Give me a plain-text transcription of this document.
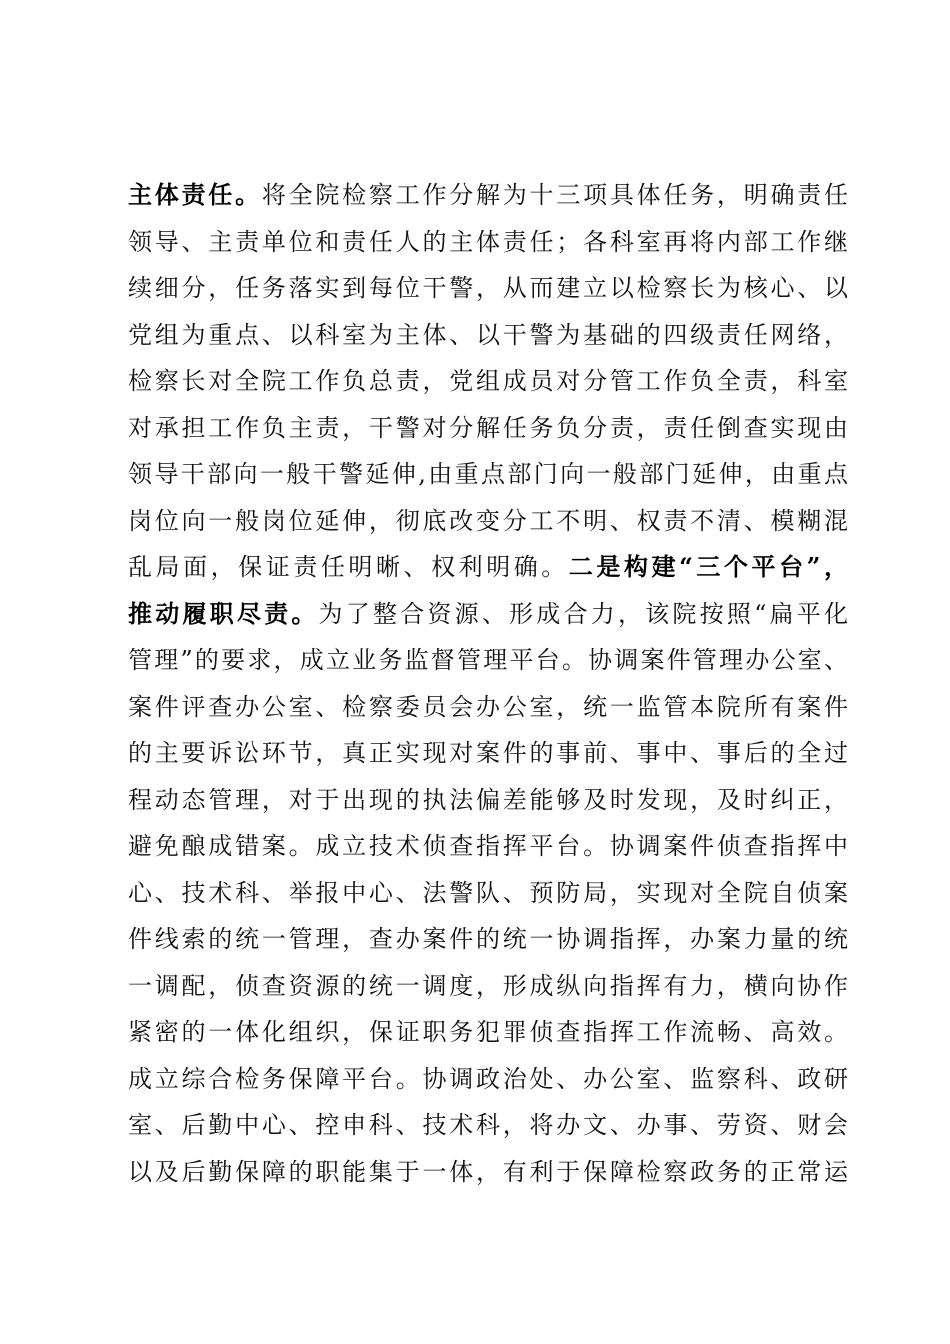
主体责任。将全院检察工作分解为十三项具体任务，明确责任
领导、主责单位和责任人的主体责任；各科室再将内部工作继
续细分，任务落实到每位干警，从而建立以检察长为核心、以
党组为重点、以科室为主体、以干警为基础的四级责任网络，
检察长对全院工作负总责，党组成员对分管工作负全责，科室
对承担工作负主责，干警对分解任务负分责，责任倒查实现由
领导干部向一般干警延伸,由重点部门向一般部门延伸，由重点
岗位向一般岗位延伸，彻底改变分工不明、权责不清、模糊混
乱局面，保证责任明晰、权利明确。二是构建“三个平台”，
推动履职尽责。为了整合资源、形成合力，该院按照“扁平化
管理”的要求，成立业务监督管理平台。协调案件管理办公室、
案件评查办公室、检察委员会办公室，统一监管本院所有案件
的主要诉讼环节，真正实现对案件的事前、事中、事后的全过
程动态管理，对于出现的执法偏差能够及时发现，及时纠正，
避免酿成错案。成立技术侦查指挥平台。协调案件侦查指挥中
心、技术科、举报中心、法警队、预防局，实现对全院自侦案
件线索的统一管理，查办案件的统一协调指挥，办案力量的统
一调配，侦查资源的统一调度，形成纵向指挥有力，横向协作
紧密的一体化组织，保证职务犯罪侦查指挥工作流畅、高效。
成立综合检务保障平台。协调政治处、办公室、监察科、政研
室、后勤中心、控申科、技术科，将办文、办事、劳资、财会
以及后勤保障的职能集于一体，有利于保障检察政务的正常运
